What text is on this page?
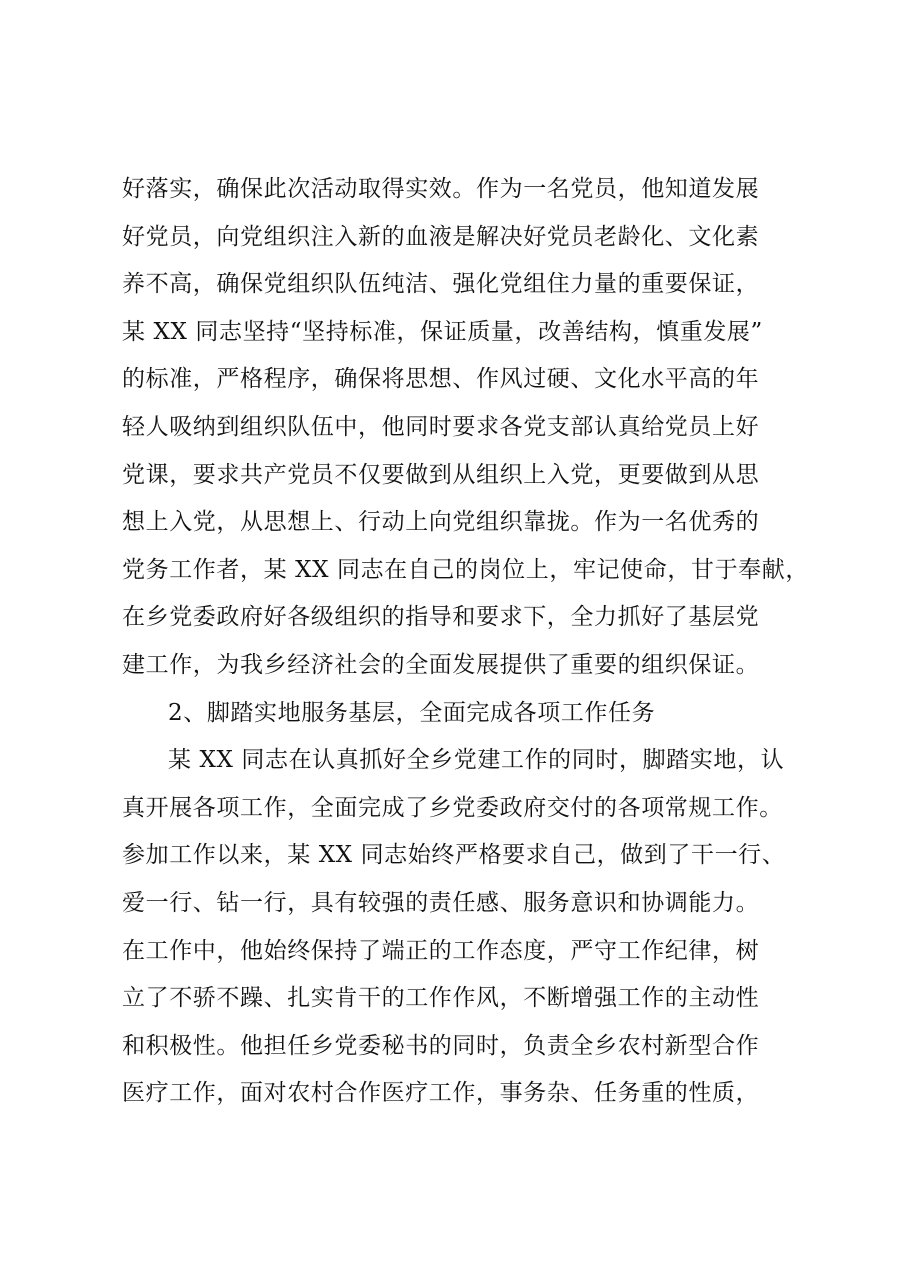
好落实，确保此次活动取得实效。作为一名党员，他知道发展
好党员，向党组织注入新的血液是解决好党员老龄化、文化素
养不高，确保党组织队伍纯洁、强化党组住力量的重要保证，
某 XX 同志坚持“坚持标准，保证质量，改善结构，慎重发展”
的标准，严格程序，确保将思想、作风过硬、文化水平高的年
轻人吸纳到组织队伍中，他同时要求各党支部认真给党员上好
党课，要求共产党员不仅要做到从组织上入党，更要做到从思
想上入党，从思想上、行动上向党组织靠拢。作为一名优秀的
党务工作者，某 XX 同志在自己的岗位上，牢记使命，甘于奉献，
在乡党委政府好各级组织的指导和要求下，全力抓好了基层党
建工作，为我乡经济社会的全面发展提供了重要的组织保证。
2、脚踏实地服务基层，全面完成各项工作任务
某 XX 同志在认真抓好全乡党建工作的同时，脚踏实地，认
真开展各项工作，全面完成了乡党委政府交付的各项常规工作。
参加工作以来，某 XX 同志始终严格要求自己，做到了干一行、
爱一行、钻一行，具有较强的责任感、服务意识和协调能力。
在工作中，他始终保持了端正的工作态度，严守工作纪律，树
立了不骄不躁、扎实肯干的工作作风，不断增强工作的主动性
和积极性。他担任乡党委秘书的同时，负责全乡农村新型合作
医疗工作，面对农村合作医疗工作，事务杂、任务重的性质，
